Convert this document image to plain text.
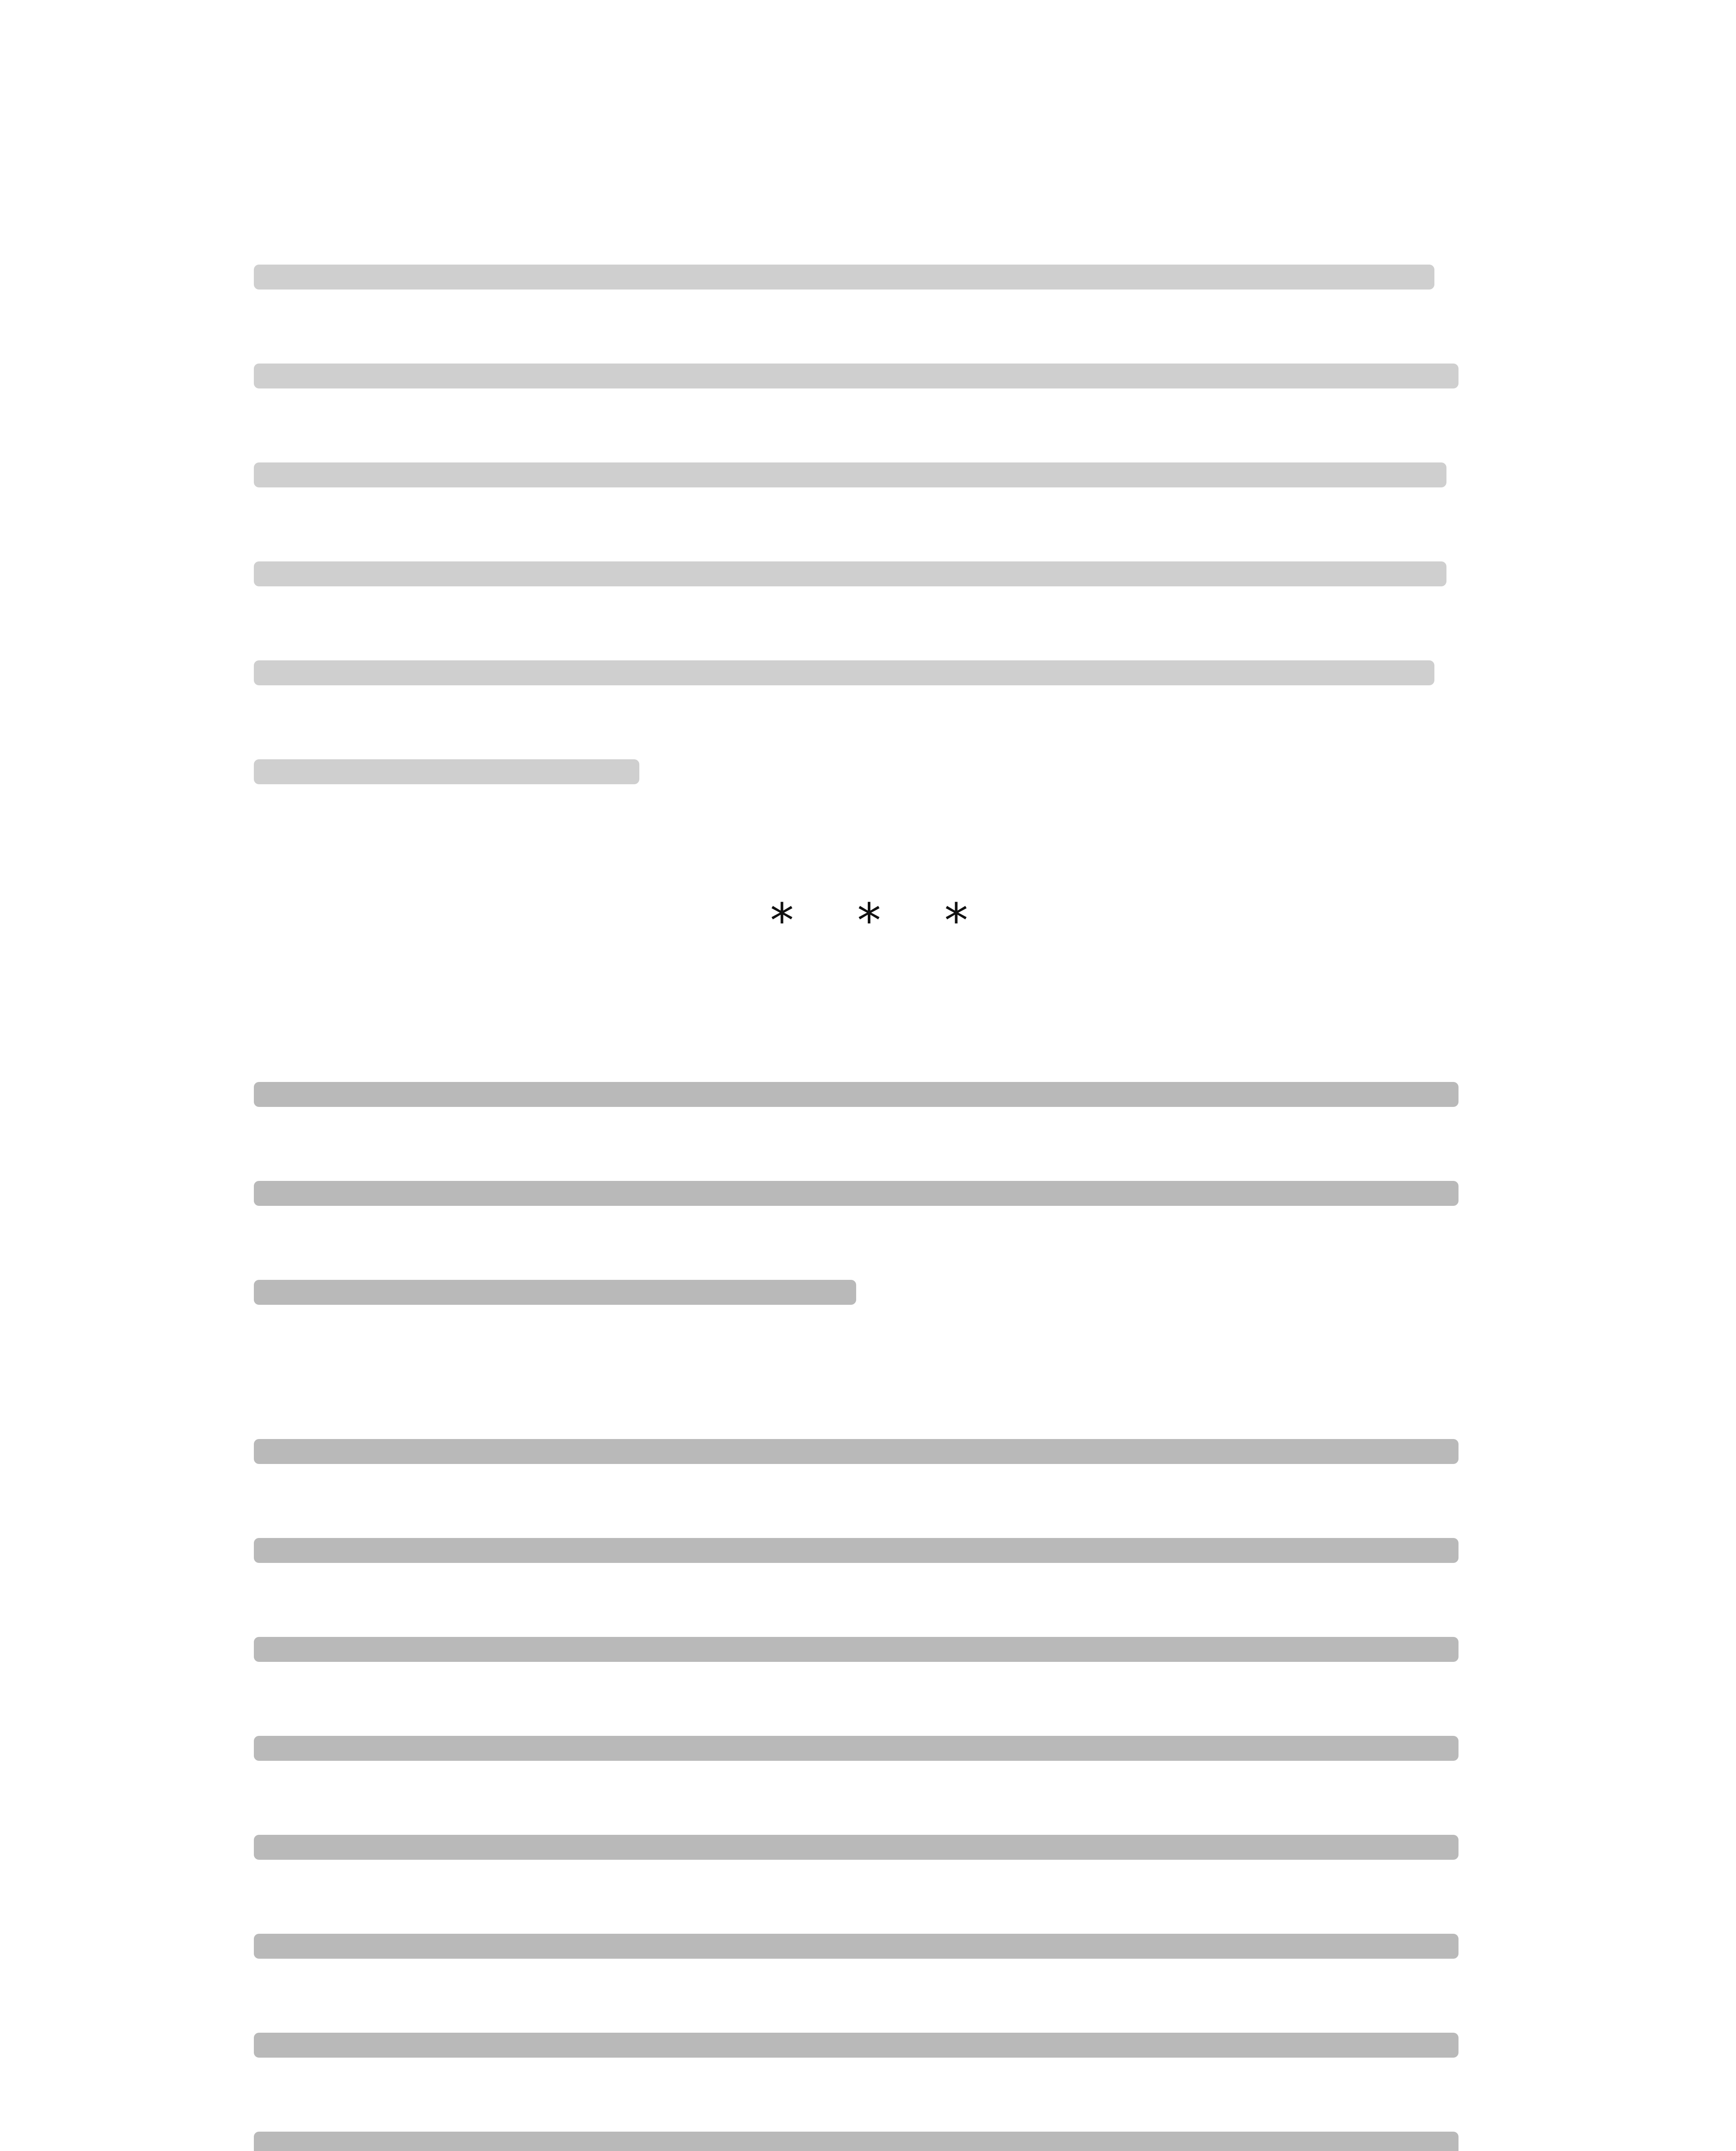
* * *
